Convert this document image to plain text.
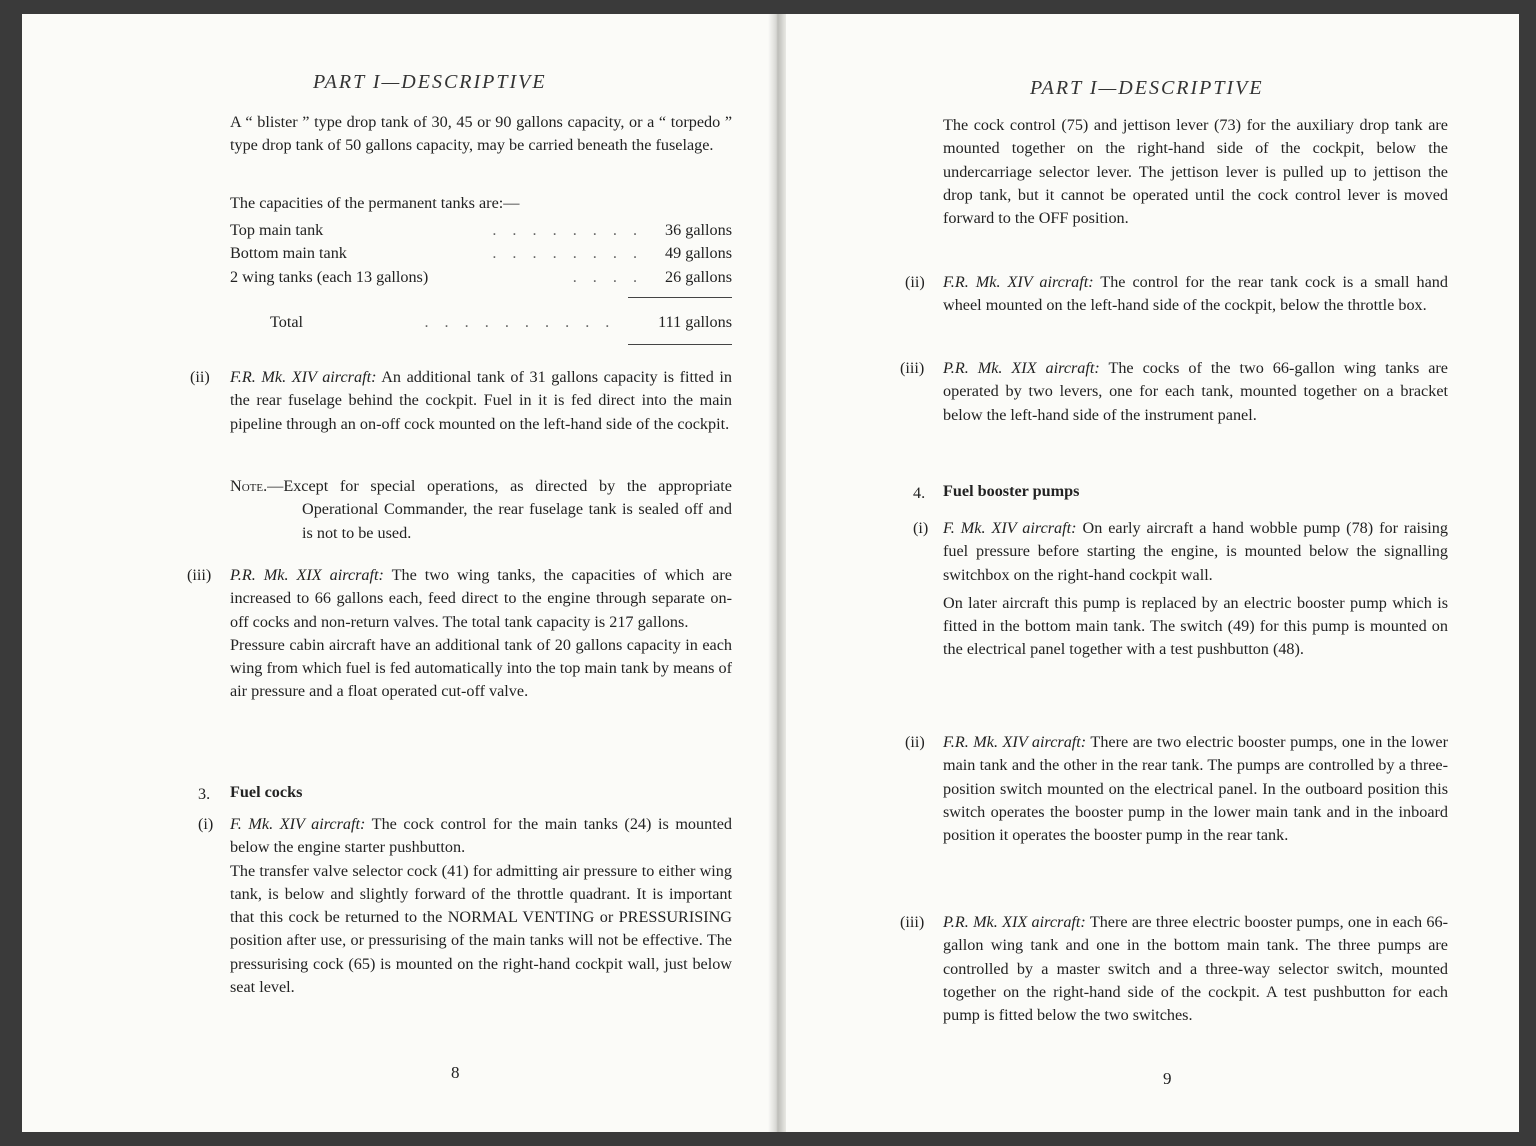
PART I—DESCRIPTIVE

A “ blister ” type drop tank of 30, 45 or 90 gallons capacity, or a “ torpedo ” type drop tank of 50 gallons capacity, may be carried beneath the fuselage.

The capacities of the permanent tanks are:—

Top main tank	. . . . . . . .	36 gallons
Bottom main tank	. . . . . . . .	49 gallons
2 wing tanks (each 13 gallons)	. . . .	26 gallons
Total	. . . . . . . . . .	111 gallons
(ii) F.R. Mk. XIV aircraft: An additional tank of 31 gallons capacity is fitted in the rear fuselage behind the cockpit. Fuel in it is fed direct into the main pipeline through an on-off cock mounted on the left-hand side of the cockpit.

Note.—Except for special operations, as directed by the appropriate Operational Commander, the rear fuselage tank is sealed off and is not to be used.

(iii) P.R. Mk. XIX aircraft: The two wing tanks, the capacities of which are increased to 66 gallons each, feed direct to the engine through separate on-off cocks and non-return valves. The total tank capacity is 217 gallons.

Pressure cabin aircraft have an additional tank of 20 gallons capacity in each wing from which fuel is fed automatically into the top main tank by means of air pressure and a float operated cut-off valve.

3. Fuel cocks
(i) F. Mk. XIV aircraft: The cock control for the main tanks (24) is mounted below the engine starter pushbutton.

The transfer valve selector cock (41) for admitting air pressure to either wing tank, is below and slightly forward of the throttle quadrant. It is important that this cock be returned to the NORMAL VENTING or PRESSURISING position after use, or pressurising of the main tanks will not be effective. The pressurising cock (65) is mounted on the right-hand cockpit wall, just below seat level.

8
PART I—DESCRIPTIVE

The cock control (75) and jettison lever (73) for the auxiliary drop tank are mounted together on the right-hand side of the cockpit, below the undercarriage selector lever. The jettison lever is pulled up to jettison the drop tank, but it cannot be operated until the cock control lever is moved forward to the OFF position.

(ii) F.R. Mk. XIV aircraft: The control for the rear tank cock is a small hand wheel mounted on the left-hand side of the cockpit, below the throttle box.

(iii) P.R. Mk. XIX aircraft: The cocks of the two 66-gallon wing tanks are operated by two levers, one for each tank, mounted together on a bracket below the left-hand side of the instrument panel.

4. Fuel booster pumps
(i) F. Mk. XIV aircraft: On early aircraft a hand wobble pump (78) for raising fuel pressure before starting the engine, is mounted below the signalling switchbox on the right-hand cockpit wall.

On later aircraft this pump is replaced by an electric booster pump which is fitted in the bottom main tank. The switch (49) for this pump is mounted on the electrical panel together with a test pushbutton (48).

(ii) F.R. Mk. XIV aircraft: There are two electric booster pumps, one in the lower main tank and the other in the rear tank. The pumps are controlled by a three-position switch mounted on the electrical panel. In the outboard position this switch operates the booster pump in the lower main tank and in the inboard position it operates the booster pump in the rear tank.

(iii) P.R. Mk. XIX aircraft: There are three electric booster pumps, one in each 66-gallon wing tank and one in the bottom main tank. The three pumps are controlled by a master switch and a three-way selector switch, mounted together on the right-hand side of the cockpit. A test pushbutton for each pump is fitted below the two switches.

9
